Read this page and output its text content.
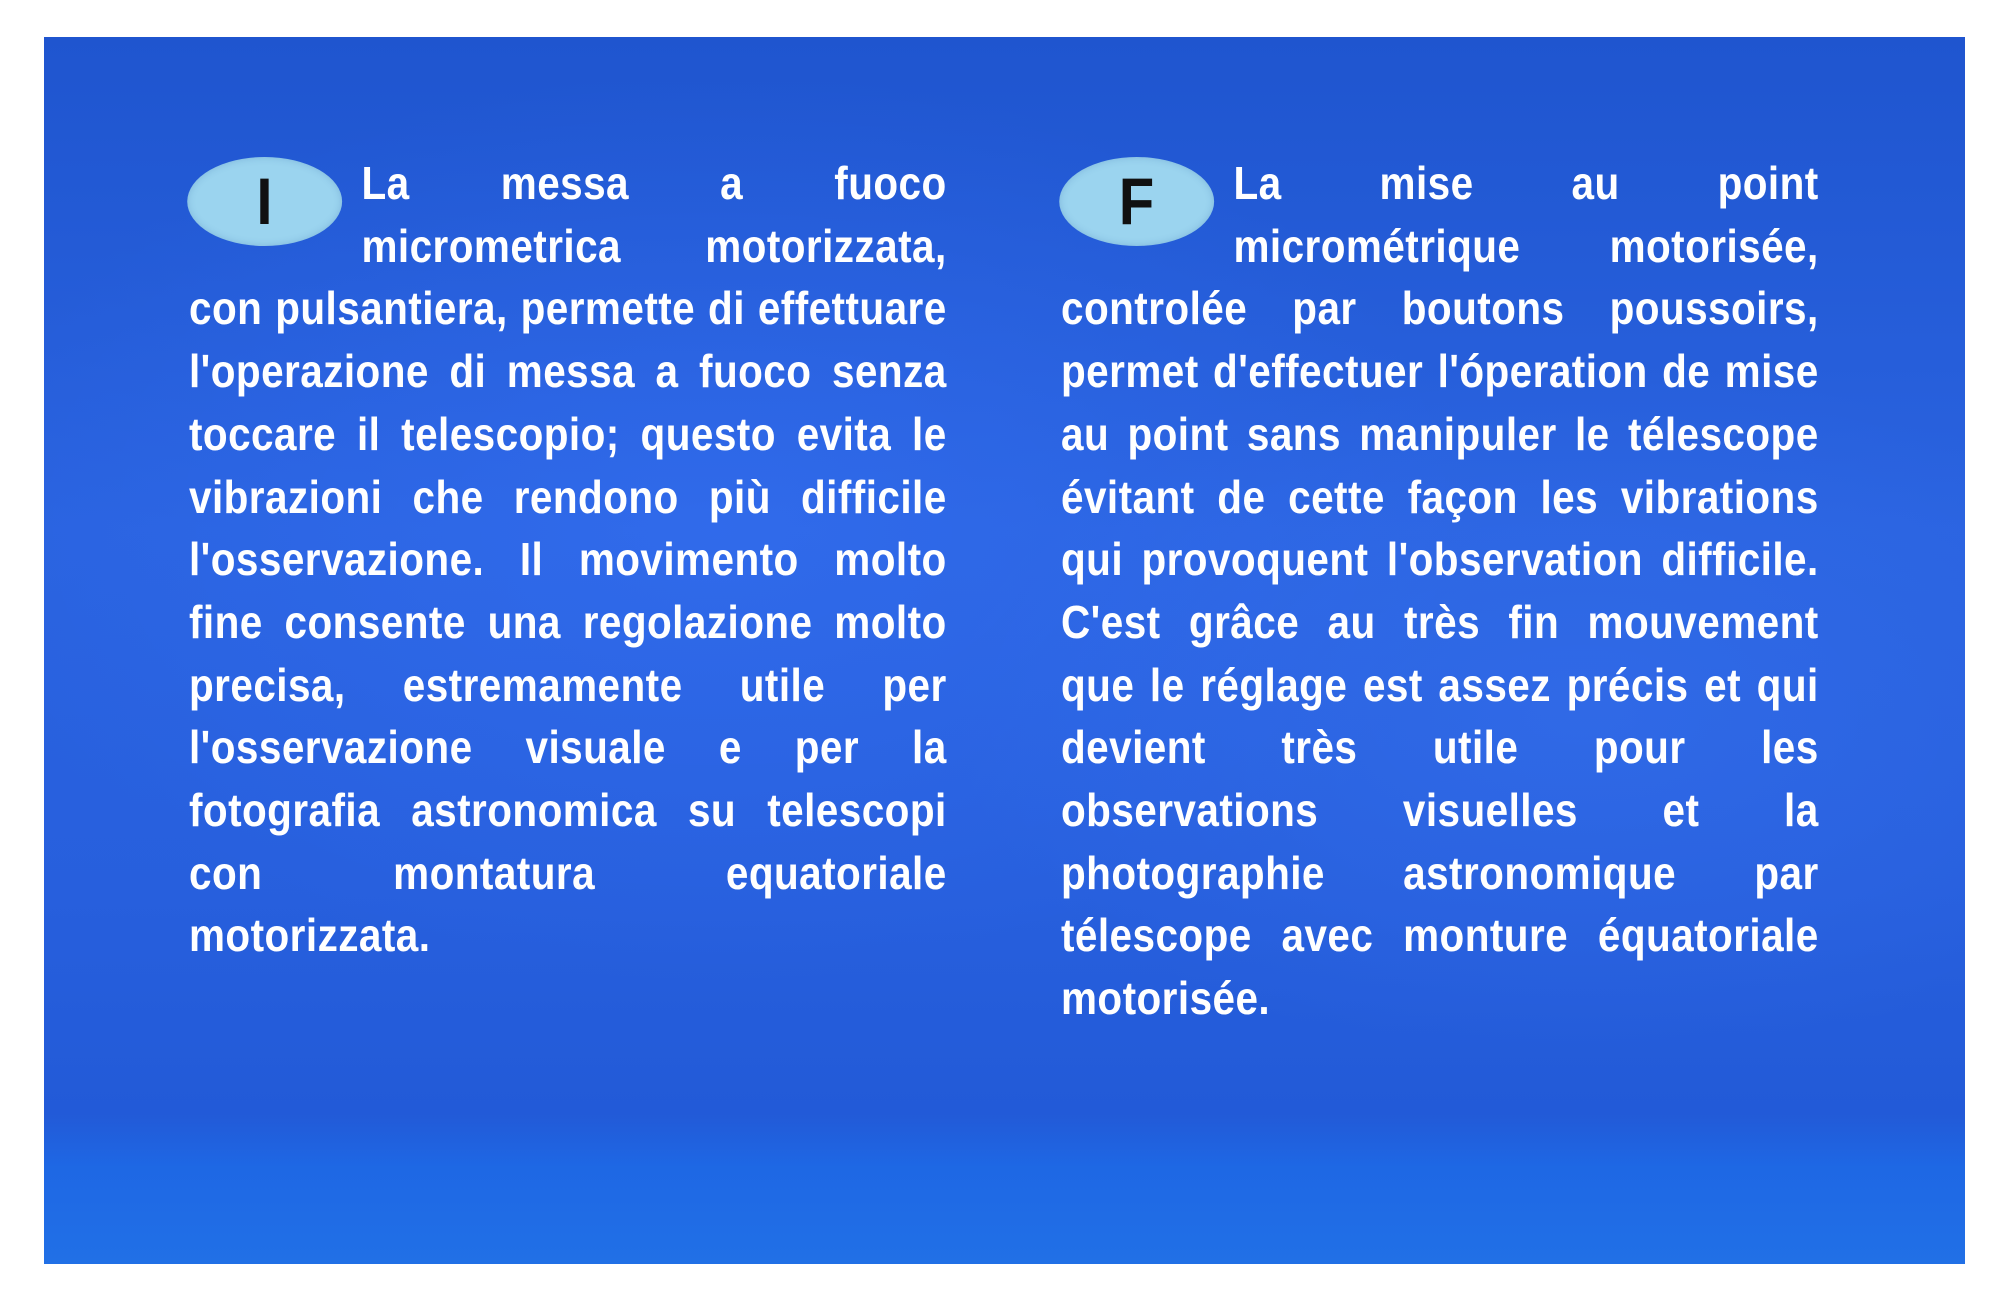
I	La messa a fuoco micrometrica motorizzata, con pulsantiera, permette di effettuare l'operazione di messa a fuoco senza toccare il telescopio; questo evita le vibrazioni che rendono più difficile l'osservazione. Il movimento molto fine consente una regolazione molto precisa, estremamente utile per l'osservazione visuale e per la fotografia astronomica su telescopi con montatura equatoriale motorizzata.
F	La mise au point micrométrique motorisée, controlée par boutons poussoirs, permet d'effectuer l'óperation de mise au point sans manipuler le télescope évitant de cette façon les vibrations qui provoquent l'observation difficile. C'est grâce au très fin mouvement que le réglage est assez précis et qui devient très utile pour les observations visuelles et la photographie astronomique par télescope avec monture équatoriale motorisée.
